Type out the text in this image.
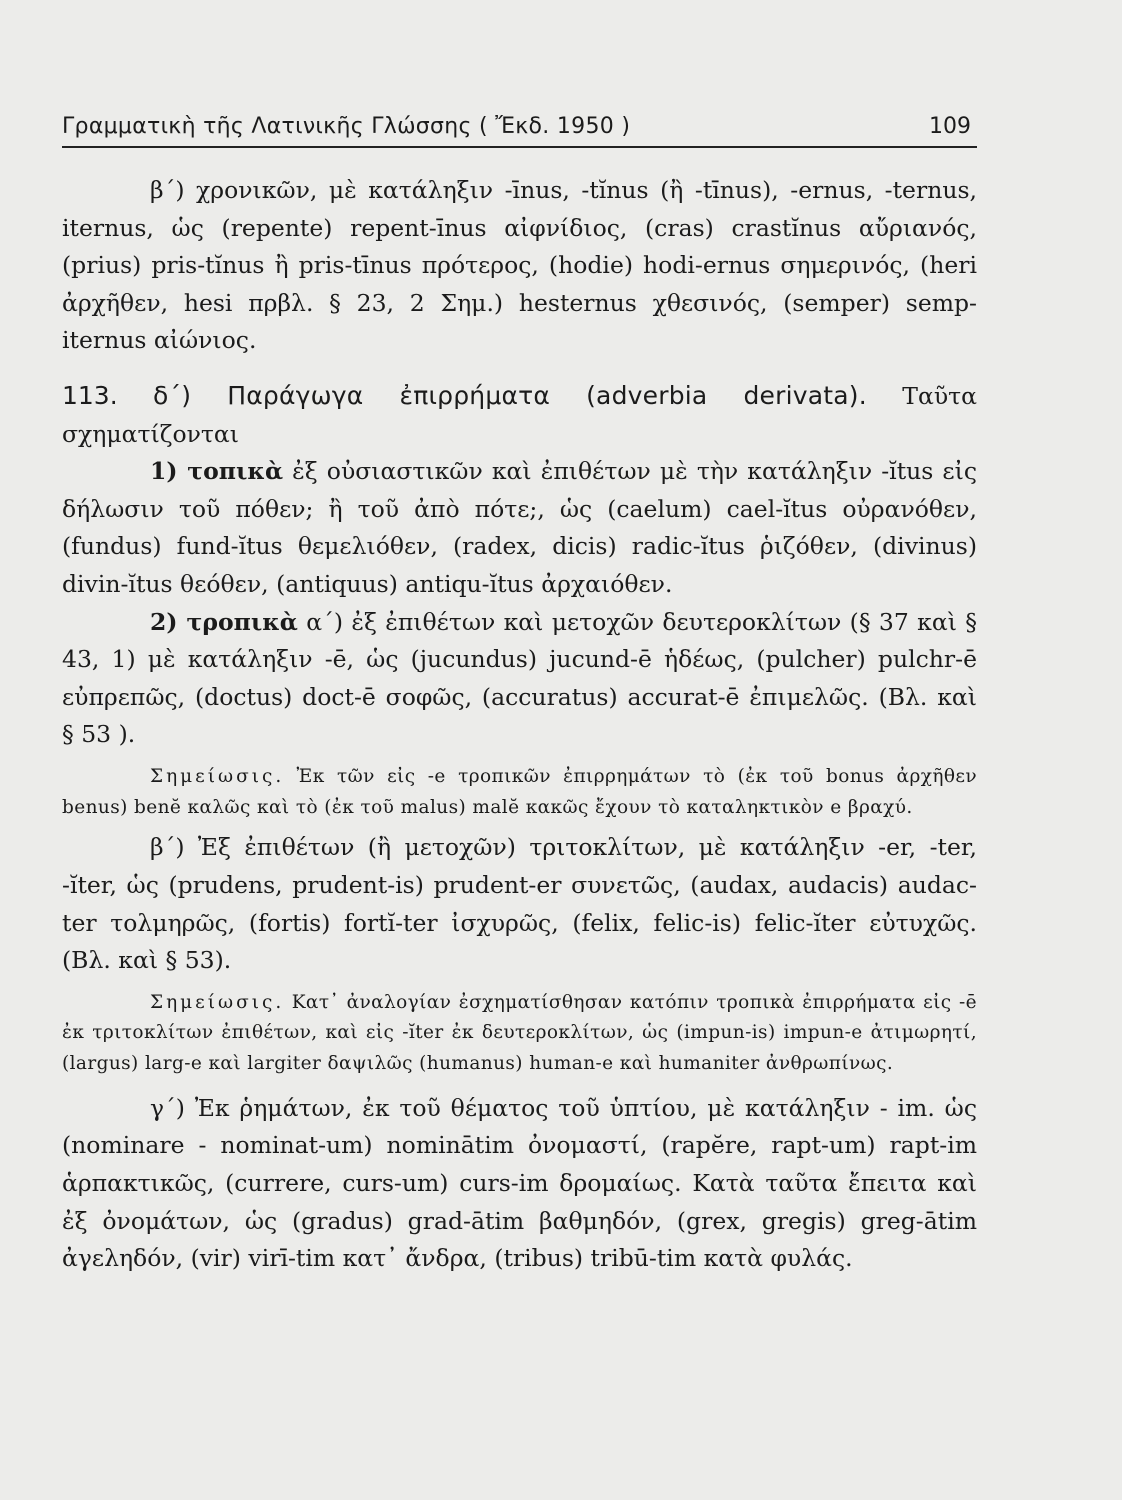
Γραμματικὴ τῆς Λατινικῆς Γλώσσης ( Ἔκδ. 1950 )	109

β΄) χρονικῶν, μὲ κατάληξιν -īnus, -tĭnus (ἢ -tīnus), -ernus, -ternus, iternus, ὡς (repente) repent-īnus αἰφνίδιος, (cras) crastĭnus αὔριανός, (prius) pris-tĭnus ἢ pris-tīnus πρότερος, (hodie) hodi-ernus σημερινός, (heri ἀρχῆθεν, hesi πρβλ. § 23, 2 Σημ.) hesternus χθεσινός, (semper) semp-iternus αἰώνιος.

113. δ΄) Παράγωγα ἐπιρρήματα (adverbia derivata). Ταῦτα σχηματίζονται

1) τοπικὰ ἐξ οὐσιαστικῶν καὶ ἐπιθέτων μὲ τὴν κατάληξιν -ĭtus εἰς δήλωσιν τοῦ πόθεν; ἢ τοῦ ἀπὸ πότε;, ὡς (caelum) cael-ĭtus οὐρανόθεν, (fundus) fund-ĭtus θεμελιόθεν, (radex, dicis) radic-ĭtus ῥιζόθεν, (divinus) divin-ĭtus θεόθεν, (antiquus) antiqu-ĭtus ἀρχαιόθεν.

2) τροπικὰ α΄) ἐξ ἐπιθέτων καὶ μετοχῶν δευτεροκλίτων (§ 37 καὶ § 43, 1) μὲ κατάληξιν -ē, ὡς (jucundus) jucund-ē ἡδέως, (pulcher) pulchr-ē εὐπρεπῶς, (doctus) doct-ē σοφῶς, (accuratus) accurat-ē ἐπιμελῶς. (Βλ. καὶ § 53 ).

Σημείωσις. Ἐκ τῶν εἰς -e τροπικῶν ἐπιρρημάτων τὸ (ἐκ τοῦ bonus ἀρχῆθεν benus) benĕ καλῶς καὶ τὸ (ἐκ τοῦ malus) malĕ κακῶς ἔχουν τὸ καταληκτικὸν e βραχύ.

β΄) Ἐξ ἐπιθέτων (ἢ μετοχῶν) τριτοκλίτων, μὲ κατάληξιν -er, -ter, -ĭter, ὡς (prudens, prudent-is) prudent-er συνετῶς, (audax, audacis) audac-ter τολμηρῶς, (fortis) fortĭ-ter ἰσχυρῶς, (felix, felic-is) felic-ĭter εὐτυχῶς. (Βλ. καὶ § 53).

Σημείωσις. Κατ᾿ ἀναλογίαν ἐσχηματίσθησαν κατόπιν τροπικὰ ἐπιρρήματα εἰς -ē ἐκ τριτοκλίτων ἐπιθέτων, καὶ εἰς -ĭter ἐκ δευτεροκλίτων, ὡς (impun-is) impun-e ἀτιμωρητί, (largus) larg-e καὶ largiter δαψιλῶς (humanus) human-e καὶ humaniter ἀνθρωπίνως.

γ΄) Ἐκ ῥημάτων, ἐκ τοῦ θέματος τοῦ ὑπτίου, μὲ κατάληξιν - im. ὡς (nominare - nominat-um) nominātim ὀνομαστί, (rapĕre, rapt-um) rapt-im ἁρπακτικῶς, (currere, curs-um) curs-im δρομαίως. Κατὰ ταῦτα ἔπειτα καὶ ἐξ ὀνομάτων, ὡς (gradus) grad-ātim βαθμηδόν, (grex, gregis) greg-ātim ἀγεληδόν, (vir) virī-tim κατ᾿ ἄνδρα, (tribus) tribū-tim κατὰ φυλάς.
